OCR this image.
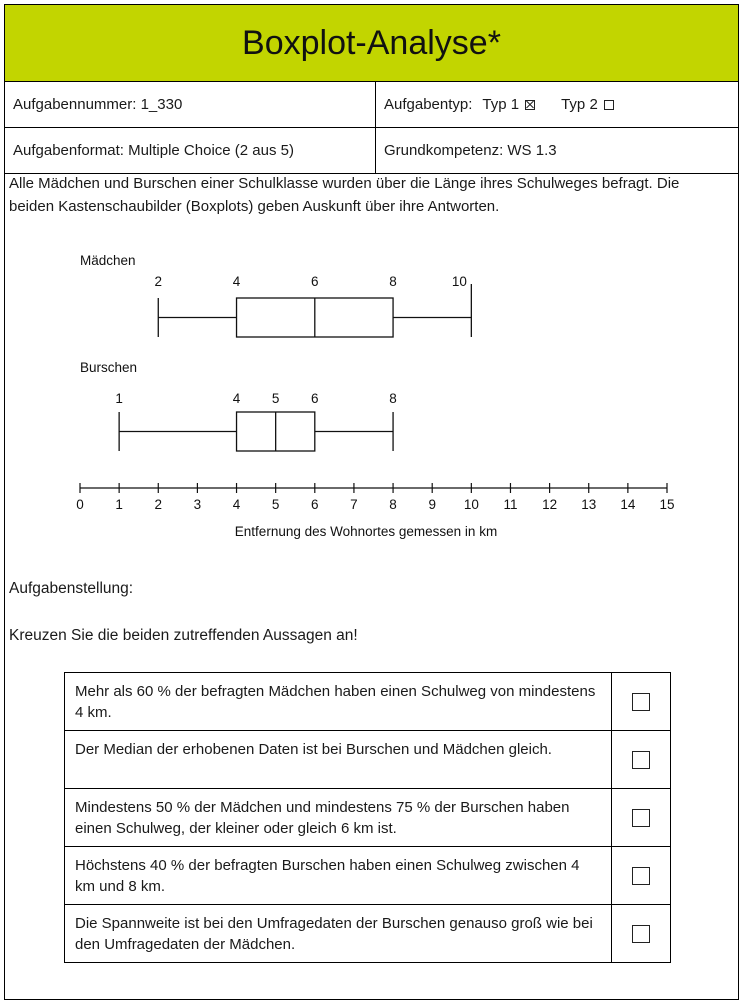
Boxplot-Analyse*
Aufgabennummer: 1_330	Aufgabentyp: Typ 1	Typ 2
Aufgabenformat: Multiple Choice (2 aus 5)	Grundkompetenz: WS 1.3
Alle Mädchen und Burschen einer Schulklasse wurden über die Länge ihres Schulweges befragt. Die beiden Kastenschaubilder (Boxplots) geben Auskunft über ihre Antworten.
Mädchen
2	4	6	8	10
Burschen
1	4 5 6	8
0 1 2 3 4 5 6 7 8 9 10 11 12 13 14 15
Entfernung des Wohnortes gemessen in km
Aufgabenstellung:
Kreuzen Sie die beiden zutreffenden Aussagen an!
Mehr als 60 % der befragten Mädchen haben einen Schulweg von mindestens 4 km.
Der Median der erhobenen Daten ist bei Burschen und Mädchen gleich.
Mindestens 50 % der Mädchen und mindestens 75 % der Burschen haben einen Schulweg, der kleiner oder gleich 6 km ist.
Höchstens 40 % der befragten Burschen haben einen Schulweg zwischen 4 km und 8 km.
Die Spannweite ist bei den Umfragedaten der Burschen genauso groß wie bei den Umfragedaten der Mädchen.
